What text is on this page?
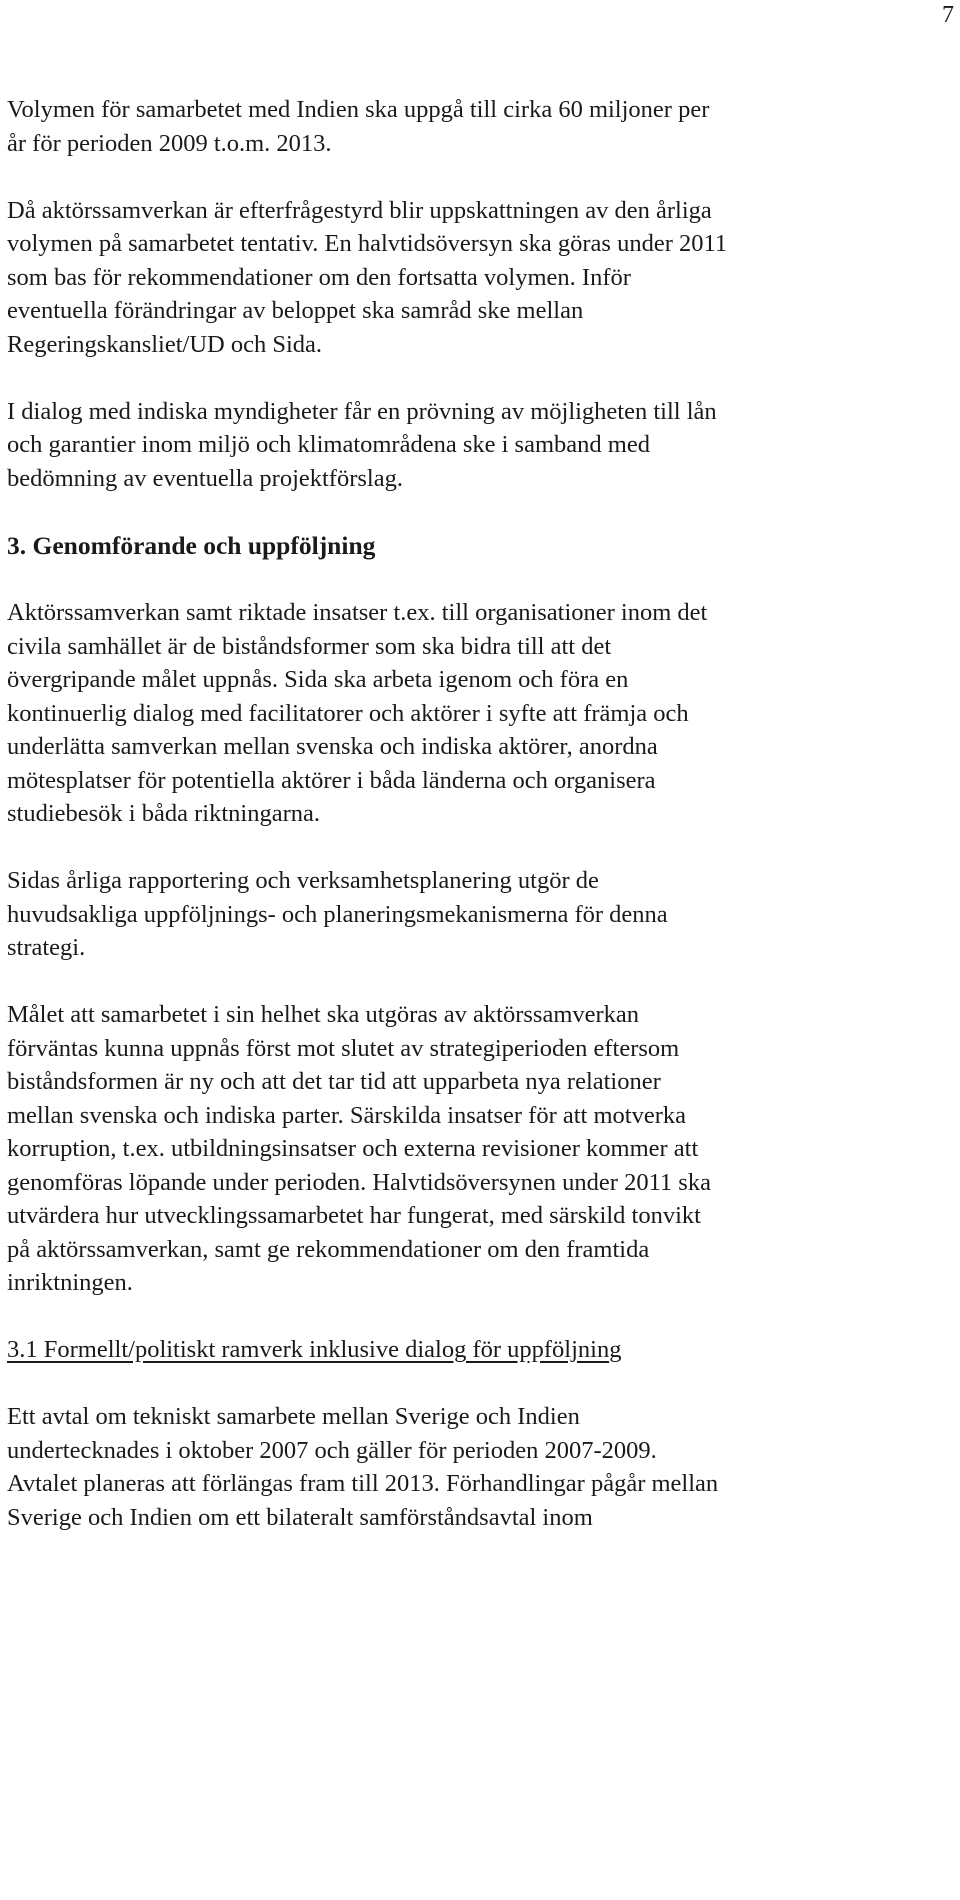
7
Volymen för samarbetet med Indien ska uppgå till cirka 60 miljoner per
år för perioden 2009 t.o.m. 2013.
Då aktörssamverkan är efterfrågestyrd blir uppskattningen av den årliga
volymen på samarbetet tentativ. En halvtidsöversyn ska göras under 2011
som bas för rekommendationer om den fortsatta volymen. Inför
eventuella förändringar av beloppet ska samråd ske mellan
Regeringskansliet/UD och Sida.
I dialog med indiska myndigheter får en prövning av möjligheten till lån
och garantier inom miljö och klimatområdena ske i samband med
bedömning av eventuella projektförslag.
3. Genomförande och uppföljning
Aktörssamverkan samt riktade insatser t.ex. till organisationer inom det
civila samhället är de biståndsformer som ska bidra till att det
övergripande målet uppnås. Sida ska arbeta igenom och föra en
kontinuerlig dialog med facilitatorer och aktörer i syfte att främja och
underlätta samverkan mellan svenska och indiska aktörer, anordna
mötesplatser för potentiella aktörer i båda länderna och organisera
studiebesök i båda riktningarna.
Sidas årliga rapportering och verksamhetsplanering utgör de
huvudsakliga uppföljnings- och planeringsmekanismerna för denna
strategi.
Målet att samarbetet i sin helhet ska utgöras av aktörssamverkan
förväntas kunna uppnås först mot slutet av strategiperioden eftersom
biståndsformen är ny och att det tar tid att upparbeta nya relationer
mellan svenska och indiska parter. Särskilda insatser för att motverka
korruption, t.ex. utbildningsinsatser och externa revisioner kommer att
genomföras löpande under perioden. Halvtidsöversynen under 2011 ska
utvärdera hur utvecklingssamarbetet har fungerat, med särskild tonvikt
på aktörssamverkan, samt ge rekommendationer om den framtida
inriktningen.
3.1 Formellt/politiskt ramverk inklusive dialog för uppföljning
Ett avtal om tekniskt samarbete mellan Sverige och Indien
undertecknades i oktober 2007 och gäller för perioden 2007-2009.
Avtalet planeras att förlängas fram till 2013. Förhandlingar pågår mellan
Sverige och Indien om ett bilateralt samförståndsavtal inom
